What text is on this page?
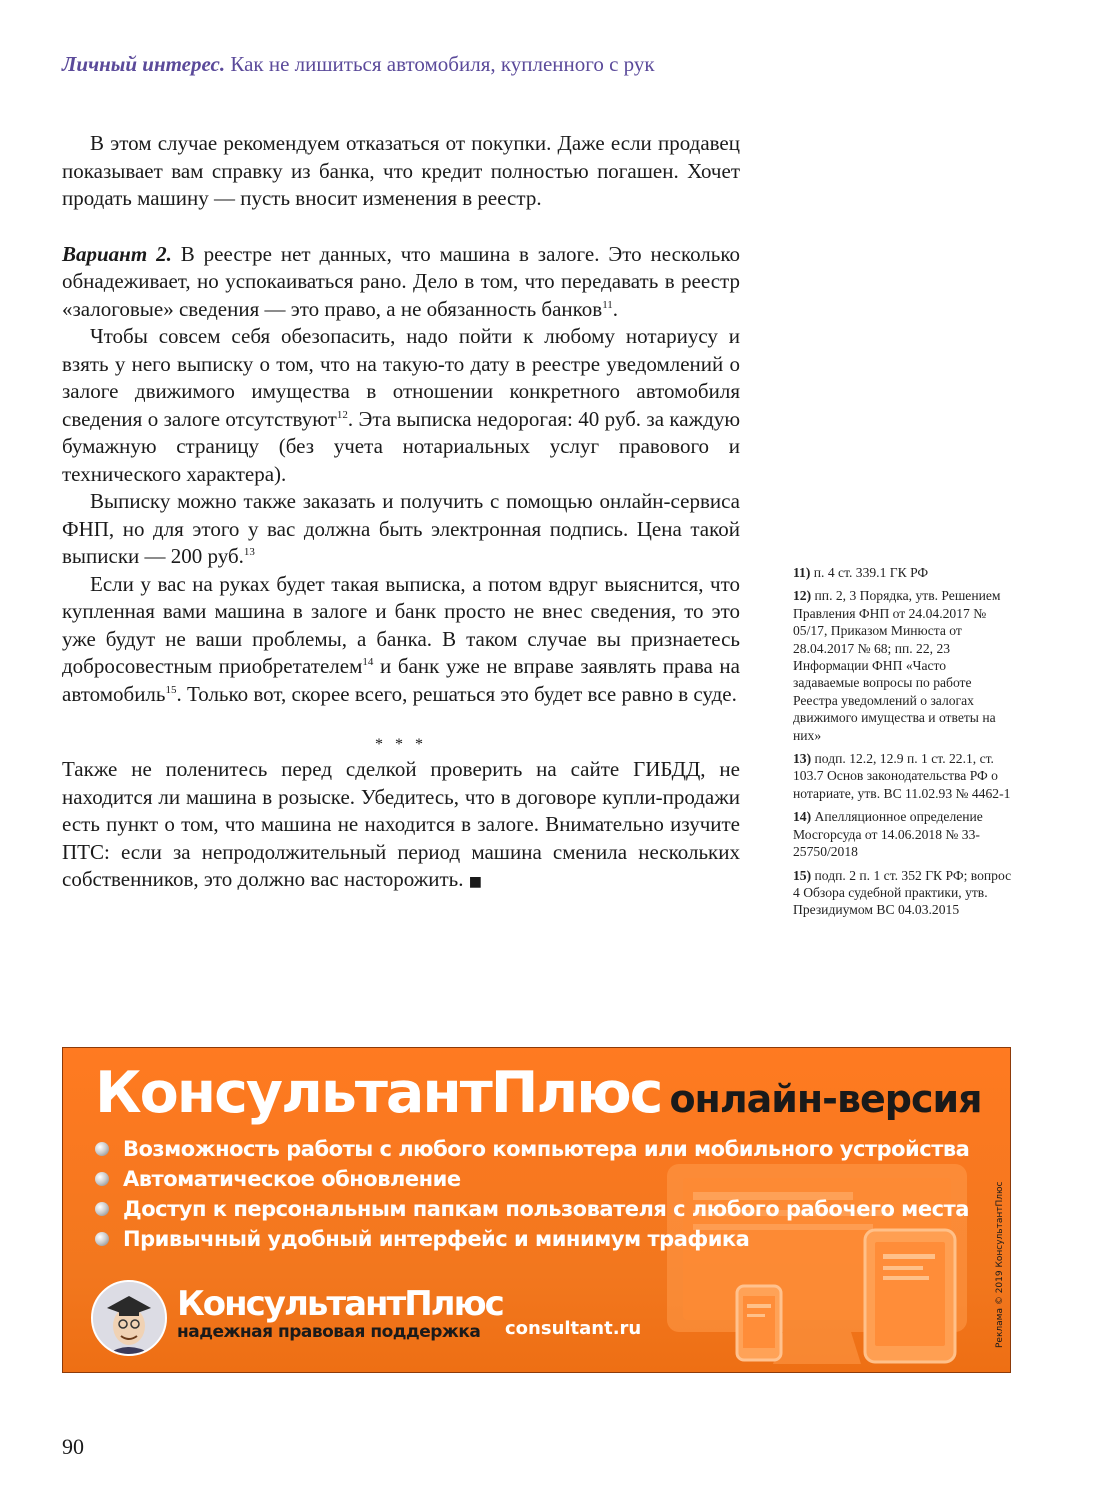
Личный интерес. Как не лишиться автомобиля, купленного с рук

В этом случае рекомендуем отказаться от покупки. Даже если продавец показывает вам справку из банка, что кредит полностью погашен. Хочет продать машину — пусть вносит изменения в реестр.

Вариант 2. В реестре нет данных, что машина в залоге. Это несколько обнадеживает, но успокаиваться рано. Дело в том, что передавать в реестр «залоговые» сведения — это право, а не обязанность банков$^{11}$.

Чтобы совсем себя обезопасить, надо пойти к любому нотариусу и взять у него выписку о том, что на такую-то дату в реестре уведомлений о залоге движимого имущества в отношении конкретного автомобиля сведения о залоге отсутствуют$^{12}$. Эта выписка недорогая: 40 руб. за каждую бумажную страницу (без учета нотариальных услуг правового и технического характера).

Выписку можно также заказать и получить с помощью онлайн-сервиса ФНП, но для этого у вас должна быть электронная подпись. Цена такой выписки — 200 руб.$^{13}$

Если у вас на руках будет такая выписка, а потом вдруг выяснится, что купленная вами машина в залоге и банк просто не внес сведения, то это уже будут не ваши проблемы, а банка. В таком случае вы признаетесь добросовестным приобретателем$^{14}$ и банк уже не вправе заявлять права на автомобиль$^{15}$. Только вот, скорее всего, решаться это будет все равно в суде.

* * *

Также не поленитесь перед сделкой проверить на сайте ГИБДД, не находится ли машина в розыске. Убедитесь, что в договоре купли-продажи есть пункт о том, что машина не находится в залоге. Внимательно изучите ПТС: если за непродолжительный период машина сменила нескольких собственников, это должно вас насторожить. ■

11) п. 4 ст. 339.1 ГК РФ
12) пп. 2, 3 Порядка, утв. Решением Правления ФНП от 24.04.2017 № 05/17, Приказом Минюста от 28.04.2017 № 68; пп. 22, 23 Информации ФНП «Часто задаваемые вопросы по работе Реестра уведомлений о залогах движимого имущества и ответы на них»
13) подп. 12.2, 12.9 п. 1 ст. 22.1, ст. 103.7 Основ законодательства РФ о нотариате, утв. ВС 11.02.93 № 4462-1
14) Апелляционное определение Мосгорсуда от 14.06.2018 № 33-25750/2018
15) подп. 2 п. 1 ст. 352 ГК РФ; вопрос 4 Обзора судебной практики, утв. Президиумом ВС 04.03.2015
КонсультантПлюс онлайн-версия
Возможность работы с любого компьютера или мобильного устройства
Автоматическое обновление
Доступ к персональным папкам пользователя с любого рабочего места
Привычный удобный интерфейс и минимум трафика
КонсультантПлюс
надежная правовая поддержка	consultant.ru	Реклама © 2019 КонсультантПлюс
90
